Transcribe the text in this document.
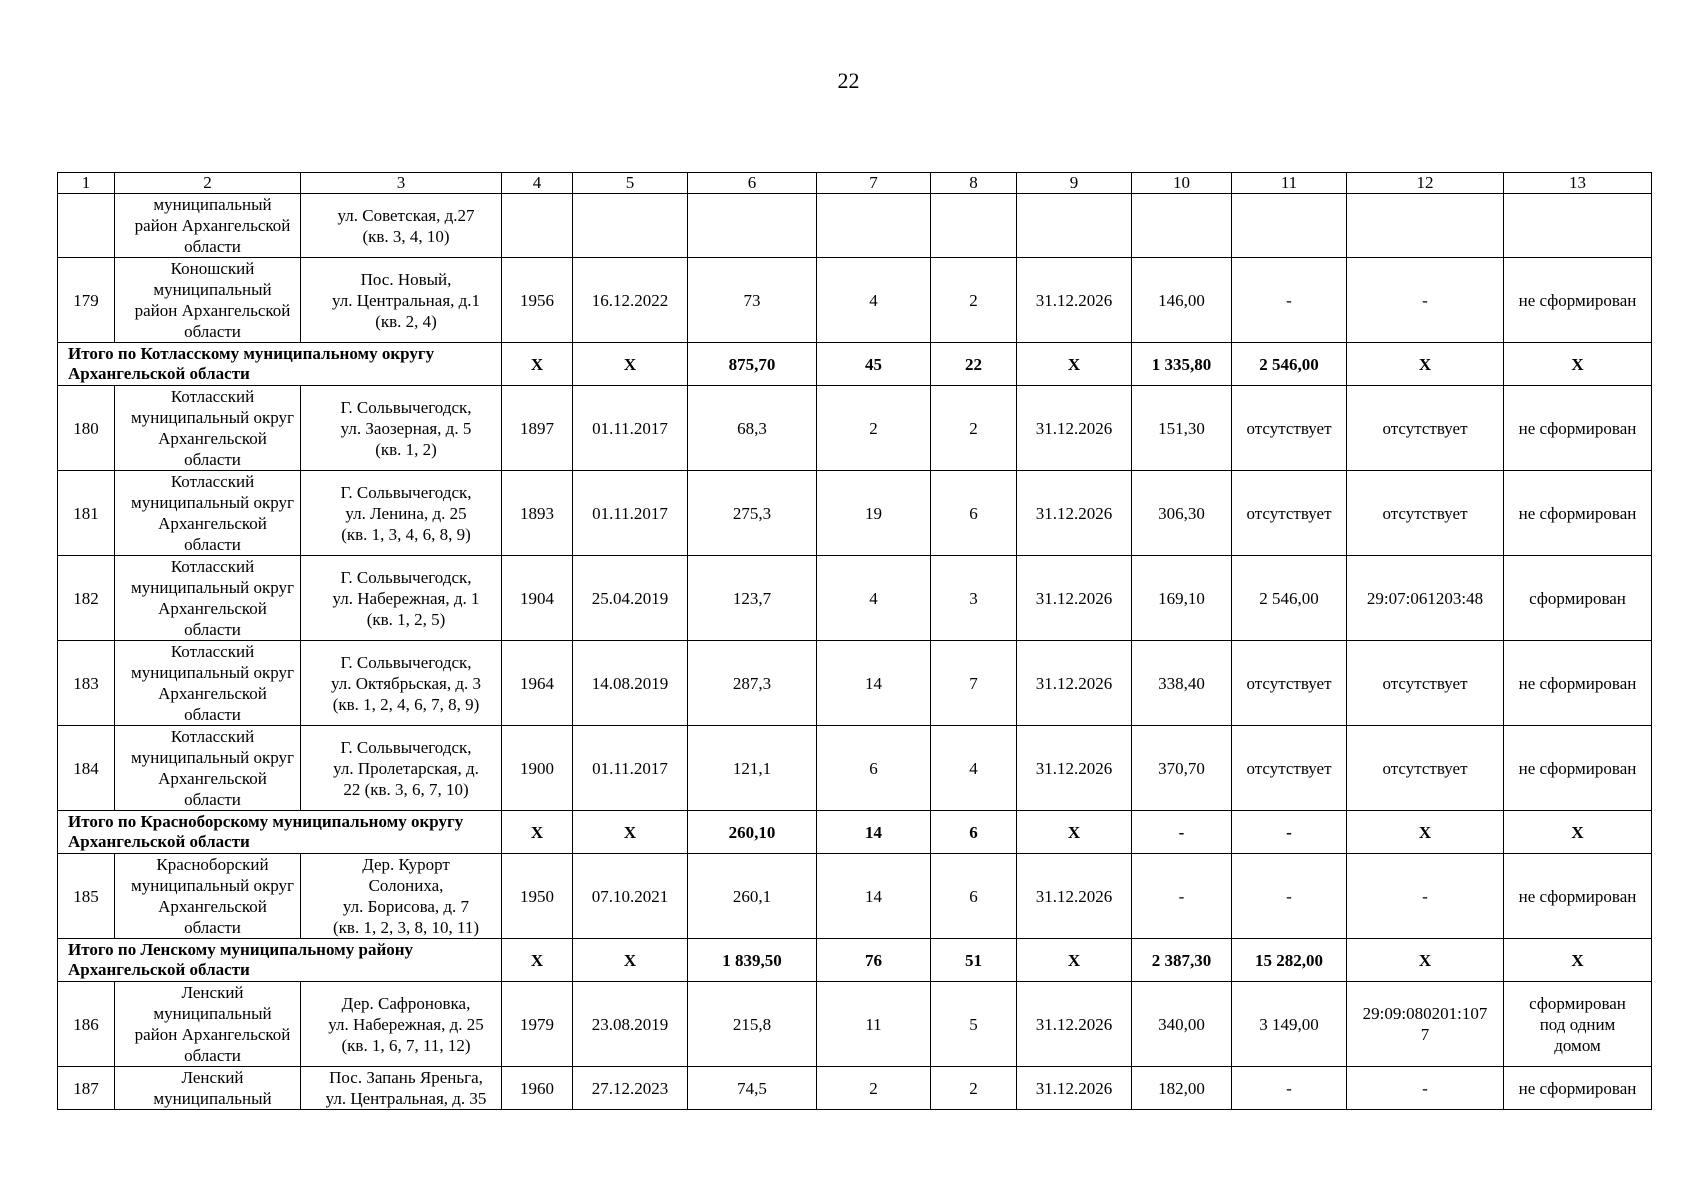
22
1	2	3	4	5	6	7	8	9	10	11	12	13
	муниципальный
район Архангельской
области	ул. Советская, д.27
(кв. 3, 4, 10)										
179	Коношский
муниципальный
район Архангельской
области	Пос. Новый,
ул. Центральная, д.1
(кв. 2, 4)	1956	16.12.2022	73	4	2	31.12.2026	146,00	-	-	не сформирован
Итого по Котласскому муниципальному округу Архангельской области			X	X	875,70	45	22	X	1 335,80	2 546,00	X	X
180	Котласский
муниципальный округ
Архангельской
области	Г. Сольвычегодск,
ул. Заозерная, д. 5
(кв. 1, 2)	1897	01.11.2017	68,3	2	2	31.12.2026	151,30	отсутствует	отсутствует	не сформирован
181	Котласский
муниципальный округ
Архангельской
области	Г. Сольвычегодск,
ул. Ленина, д. 25
(кв. 1, 3, 4, 6, 8, 9)	1893	01.11.2017	275,3	19	6	31.12.2026	306,30	отсутствует	отсутствует	не сформирован
182	Котласский
муниципальный округ
Архангельской
области	Г. Сольвычегодск,
ул. Набережная, д. 1
(кв. 1, 2, 5)	1904	25.04.2019	123,7	4	3	31.12.2026	169,10	2 546,00	29:07:061203:48	сформирован
183	Котласский
муниципальный округ
Архангельской
области	Г. Сольвычегодск,
ул. Октябрьская, д. 3
(кв. 1, 2, 4, 6, 7, 8, 9)	1964	14.08.2019	287,3	14	7	31.12.2026	338,40	отсутствует	отсутствует	не сформирован
184	Котласский
муниципальный округ
Архангельской
области	Г. Сольвычегодск,
ул. Пролетарская, д.
22 (кв. 3, 6, 7, 10)	1900	01.11.2017	121,1	6	4	31.12.2026	370,70	отсутствует	отсутствует	не сформирован
Итого по Красноборскому муниципальному округу Архангельской области			X	X	260,10	14	6	X	-	-	X	X
185	Красноборский
муниципальный округ
Архангельской
области	Дер. Курорт
Солониха,
ул. Борисова, д. 7
(кв. 1, 2, 3, 8, 10, 11)	1950	07.10.2021	260,1	14	6	31.12.2026	-	-	-	не сформирован
Итого по Ленскому муниципальному району Архангельской области			X	X	1 839,50	76	51	X	2 387,30	15 282,00	X	X
186	Ленский
муниципальный
район Архангельской
области	Дер. Сафроновка,
ул. Набережная, д. 25
(кв. 1, 6, 7, 11, 12)	1979	23.08.2019	215,8	11	5	31.12.2026	340,00	3 149,00	29:09:080201:107
7	сформирован
под одним
домом
187	Ленский
муниципальный	Пос. Запань Яреньга,
ул. Центральная, д. 35	1960	27.12.2023	74,5	2	2	31.12.2026	182,00	-	-	не сформирован
